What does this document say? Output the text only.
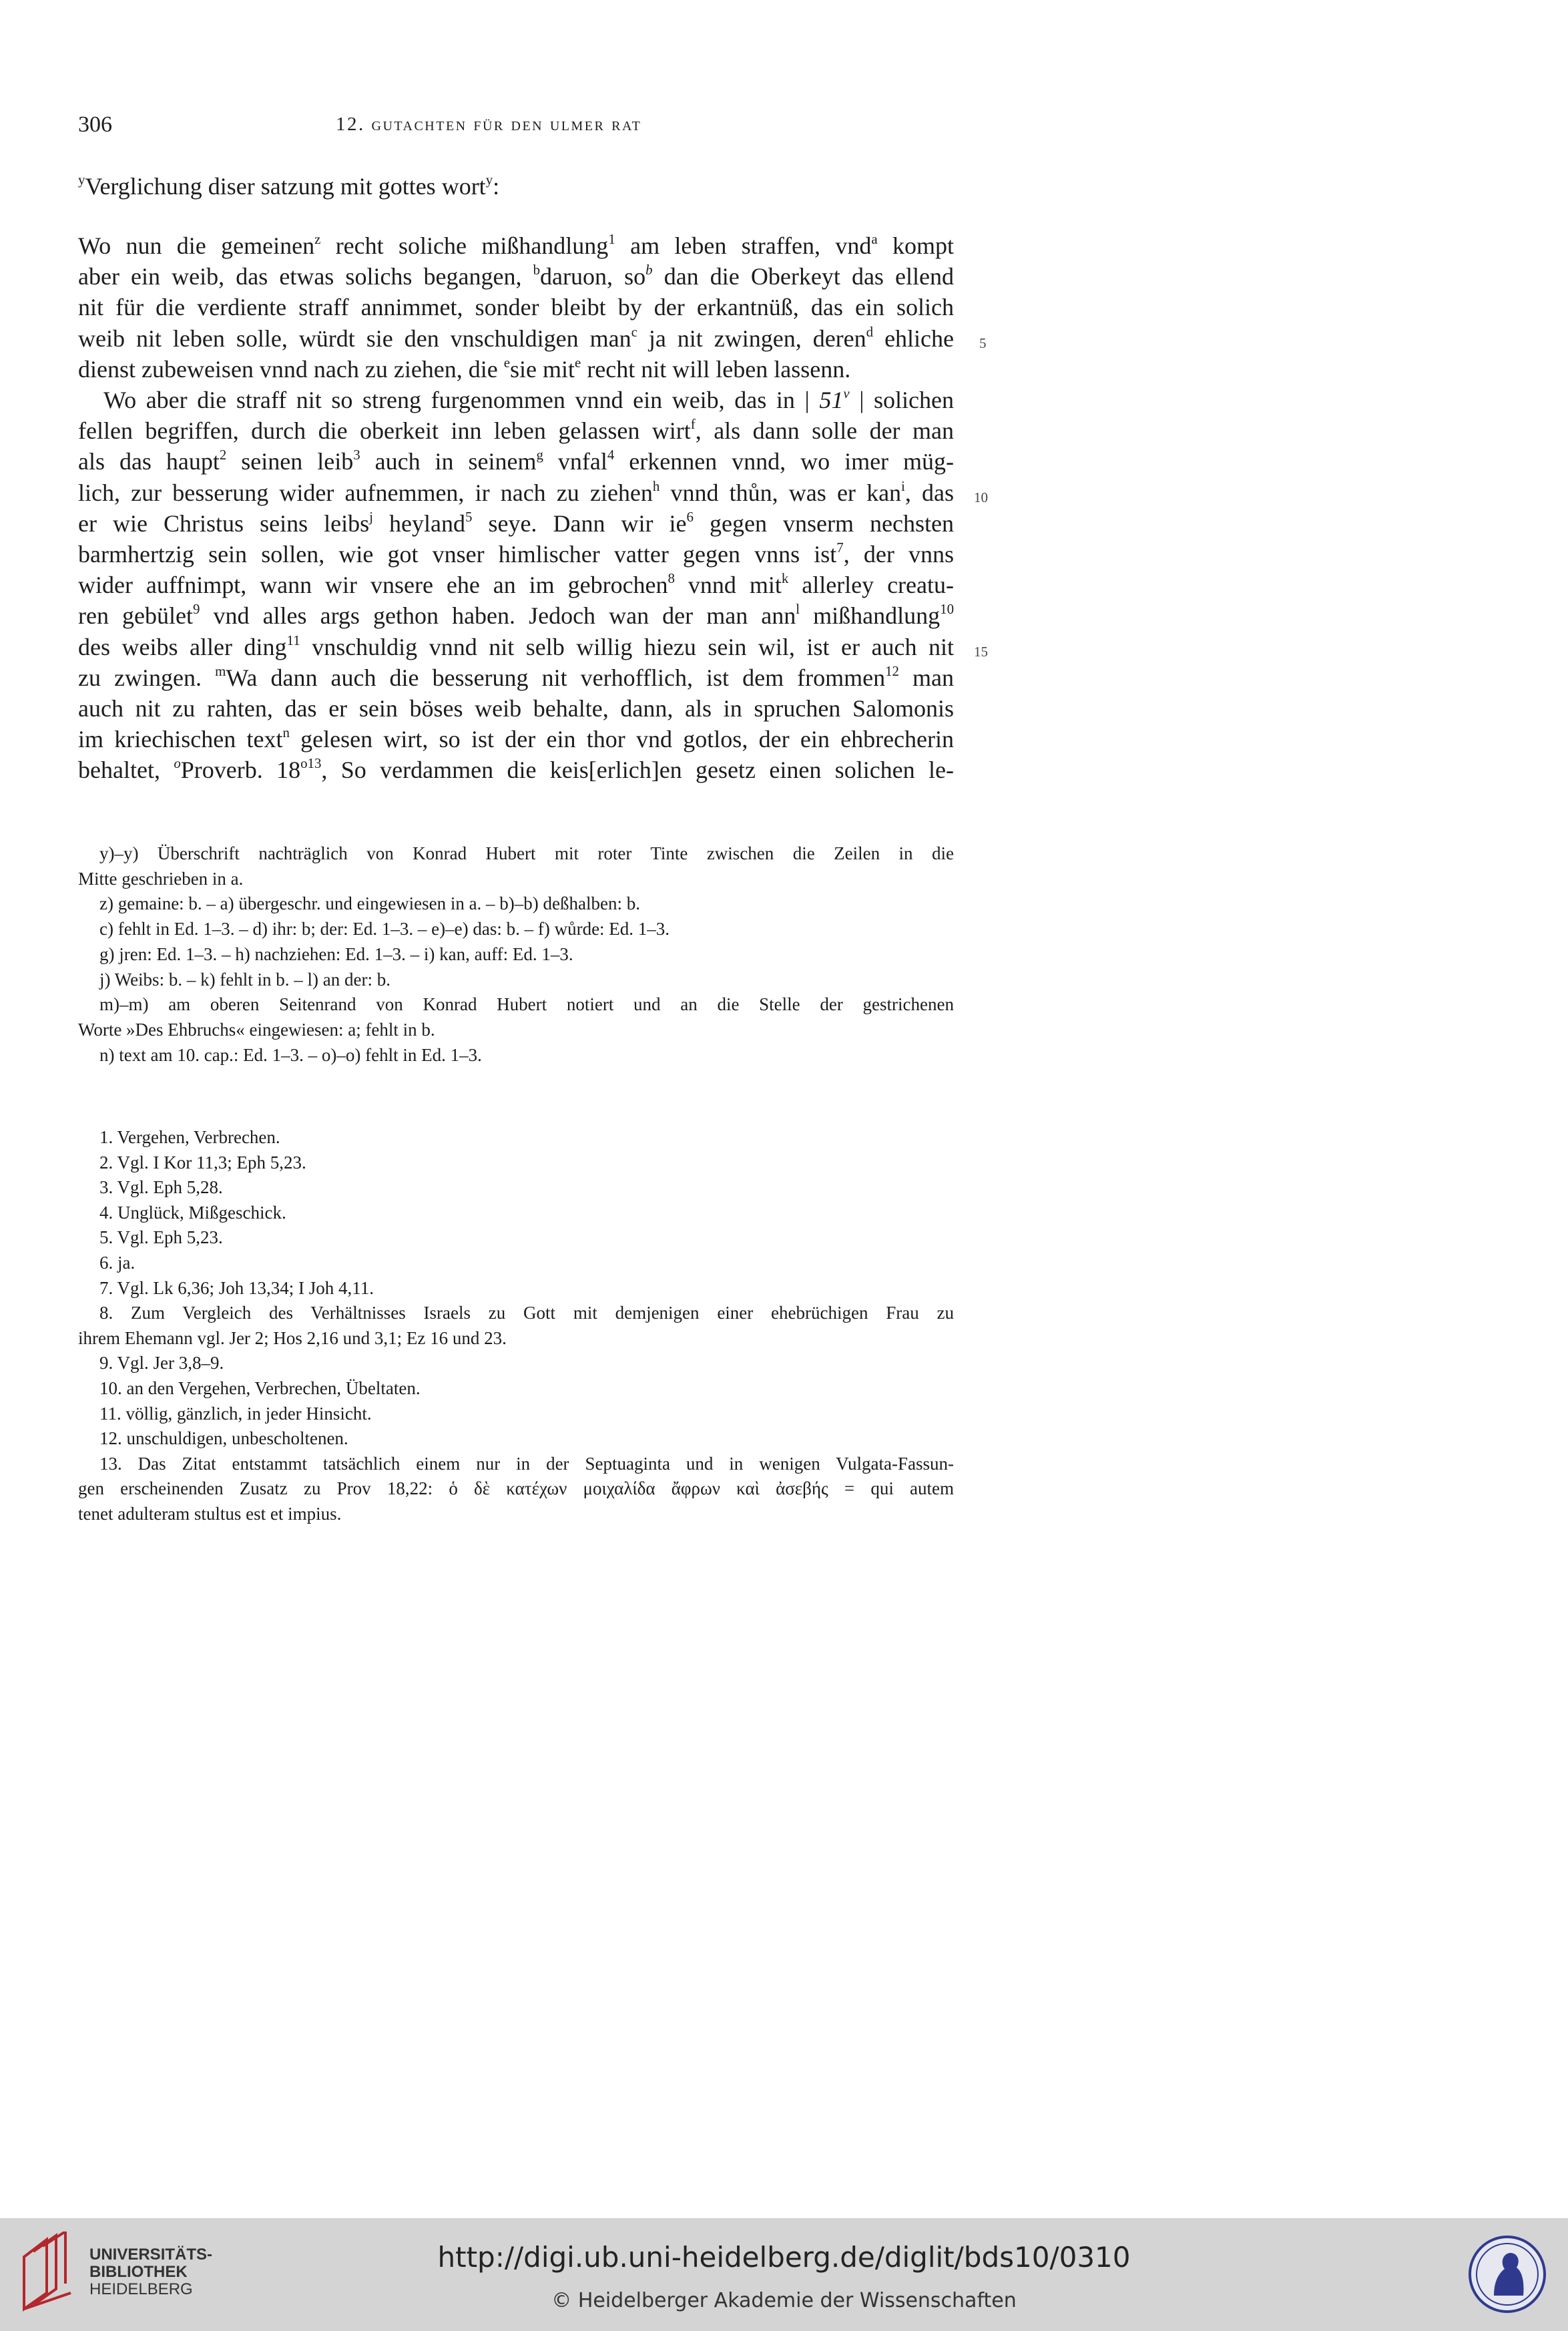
306	12. gutachten für den ulmer rat
$^y$Verglichung diser satzung mit gottes wort$^y$:
Wo nun die gemeinen$^z$ recht soliche mißhandlung$^1$ am leben straffen, vnd$^a$ kompt
aber ein weib, das etwas solichs begangen, $^b$daruon, $so^b$ dan die Oberkeyt das ellend
nit für die verdiente straff annimmet, sonder bleibt by der erkantnüß, das ein solich
weib nit leben solle, würdt sie den vnschuldigen man$^c$ ja nit zwingen, deren$^d$ ehliche
dienst zubeweisen vnnd nach zu ziehen, die $^e$sie mit$^e$ recht nit will leben lassenn.
Wo aber die straff nit so streng furgenommen vnnd ein weib, das in | 51$^v$ | solichen
fellen begriffen, durch die oberkeit inn leben gelassen wirt$^f$, als dann solle der man
als das haupt$^2$ seinen leib$^3$ auch in seinem$^g$ vnfal$^4$ erkennen vnnd, wo imer müg-
lich, zur besserung wider aufnemmen, ir nach zu ziehen$^h$ vnnd thůn, was er kan$^i$, das
er wie Christus seins leibs$^j$ heyland$^5$ seye. Dann wir $ie^6$ gegen vnserm nechsten
barmhertzig sein sollen, wie got vnser himlischer vatter gegen vnns ist$^7$, der vnns
wider auffnimpt, wann wir vnsere ehe an im gebrochen$^8$ vnnd mit$^k$ allerley creatu-
ren gebület$^9$ vnd alles args gethon haben. Jedoch wan der man ann$^l$ mißhandlung$^{10}$
des weibs aller ding$^{11}$ vnschuldig vnnd nit selb willig hiezu sein wil, ist er auch nit
zu zwingen. $^m$Wa dann auch die besserung nit verhofflich, ist dem frommen$^{12}$ man
auch nit zu rahten, das er sein böses weib behalte, dann, als in spruchen Salomonis
im kriechischen text$^n$ gelesen wirt, so ist der ein thor vnd gotlos, der ein ehbrecherin
behaltet, $^o$Proverb. $18^{o13}$, So verdammen die keis[erlich]en gesetz einen solichen le-
5
10
15
y)–y) Überschrift nachträglich von Konrad Hubert mit roter Tinte zwischen die Zeilen in die
Mitte geschrieben in a.
z) gemaine: b. – a) übergeschr. und eingewiesen in a. – b)–b) deßhalben: b.
c) fehlt in Ed. 1–3. – d) ihr: b; der: Ed. 1–3. – e)–e) das: b. – f) wůrde: Ed. 1–3.
g) jren: Ed. 1–3. – h) nachziehen: Ed. 1–3. – i) kan, auff: Ed. 1–3.
j) Weibs: b. – k) fehlt in b. – l) an der: b.
m)–m) am oberen Seitenrand von Konrad Hubert notiert und an die Stelle der gestrichenen
Worte »Des Ehbruchs« eingewiesen: a; fehlt in b.
n) text am 10. cap.: Ed. 1–3. – o)–o) fehlt in Ed. 1–3.
1. Vergehen, Verbrechen.
2. Vgl. I Kor 11,3; Eph 5,23.
3. Vgl. Eph 5,28.
4. Unglück, Mißgeschick.
5. Vgl. Eph 5,23.
6. ja.
7. Vgl. Lk 6,36; Joh 13,34; I Joh 4,11.
8. Zum Vergleich des Verhältnisses Israels zu Gott mit demjenigen einer ehebrüchigen Frau zu
ihrem Ehemann vgl. Jer 2; Hos 2,16 und 3,1; Ez 16 und 23.
9. Vgl. Jer 3,8–9.
10. an den Vergehen, Verbrechen, Übeltaten.
11. völlig, gänzlich, in jeder Hinsicht.
12. unschuldigen, unbescholtenen.
13. Das Zitat entstammt tatsächlich einem nur in der Septuaginta und in wenigen Vulgata-Fassun-
gen erscheinenden Zusatz zu Prov 18,22: ὁ δὲ κατέχων μοιχαλίδα ἄφρων καὶ ἀσεβής = qui autem
tenet adulteram stultus est et impius.
UNIVERSITÄTS-
BIBLIOTHEK
HEIDELBERG
http://digi.ub.uni-heidelberg.de/diglit/bds10/0310
© Heidelberger Akademie der Wissenschaften
